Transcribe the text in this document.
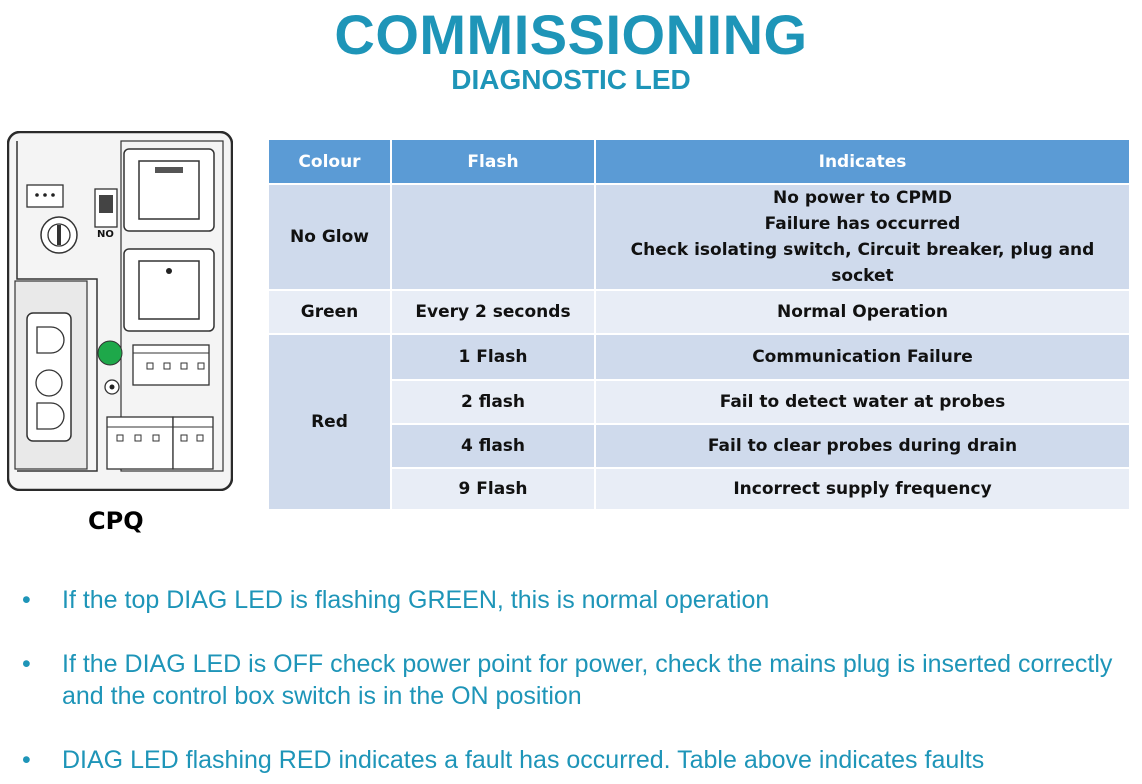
COMMISSIONING
DIAGNOSTIC LED
NO
CPQ
Colour	Flash	Indicates
No Glow		No power to CPMD
Failure has occurred
Check isolating switch, Circuit breaker, plug and socket

Green	Every 2 seconds	Normal Operation
Red	1 Flash	Communication Failure
	2 flash	Fail to detect water at probes
	4 flash	Fail to clear probes during drain
	9 Flash	Incorrect supply frequency
• If the top DIAG LED is flashing GREEN, this is normal operation
• If the DIAG LED is OFF check power point for power, check the mains plug is inserted correctly and the control box switch is in the ON position
• DIAG LED flashing RED indicates a fault has occurred. Table above indicates faults
